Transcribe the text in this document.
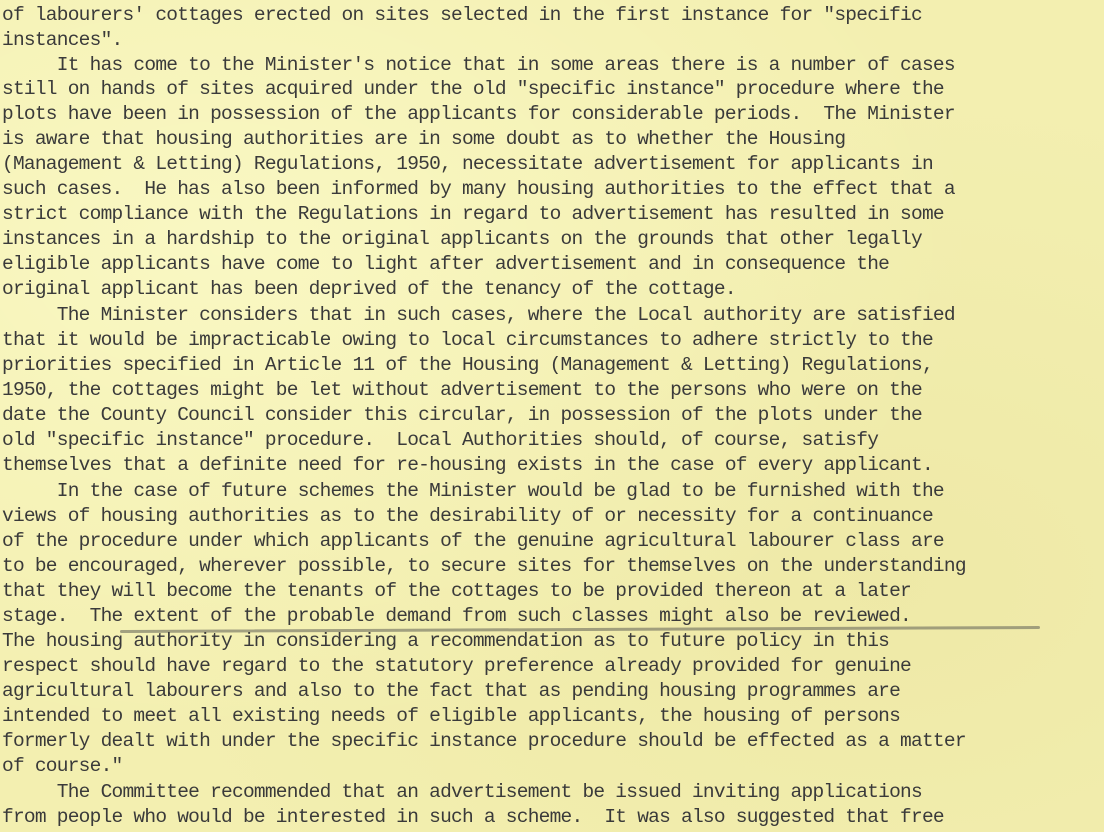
of labourers' cottages erected on sites selected in the first instance for "specific
instances".
It has come to the Minister's notice that in some areas there is a number of cases
still on hands of sites acquired under the old "specific instance" procedure where the
plots have been in possession of the applicants for considerable periods.  The Minister
is aware that housing authorities are in some doubt as to whether the Housing
(Management & Letting) Regulations, 1950, necessitate advertisement for applicants in
such cases.  He has also been informed by many housing authorities to the effect that a
strict compliance with the Regulations in regard to advertisement has resulted in some
instances in a hardship to the original applicants on the grounds that other legally
eligible applicants have come to light after advertisement and in consequence the
original applicant has been deprived of the tenancy of the cottage.
The Minister considers that in such cases, where the Local authority are satisfied
that it would be impracticable owing to local circumstances to adhere strictly to the
priorities specified in Article 11 of the Housing (Management & Letting) Regulations,
1950, the cottages might be let without advertisement to the persons who were on the
date the County Council consider this circular, in possession of the plots under the
old "specific instance" procedure.  Local Authorities should, of course, satisfy
themselves that a definite need for re-housing exists in the case of every applicant.
In the case of future schemes the Minister would be glad to be furnished with the
views of housing authorities as to the desirability of or necessity for a continuance
of the procedure under which applicants of the genuine agricultural labourer class are
to be encouraged, wherever possible, to secure sites for themselves on the understanding
that they will become the tenants of the cottages to be provided thereon at a later
stage.  The extent of the probable demand from such classes might also be reviewed.
The housing authority in considering a recommendation as to future policy in this
respect should have regard to the statutory preference already provided for genuine
agricultural labourers and also to the fact that as pending housing programmes are
intended to meet all existing needs of eligible applicants, the housing of persons
formerly dealt with under the specific instance procedure should be effected as a matter
of course."
The Committee recommended that an advertisement be issued inviting applications
from people who would be interested in such a scheme.  It was also suggested that free
